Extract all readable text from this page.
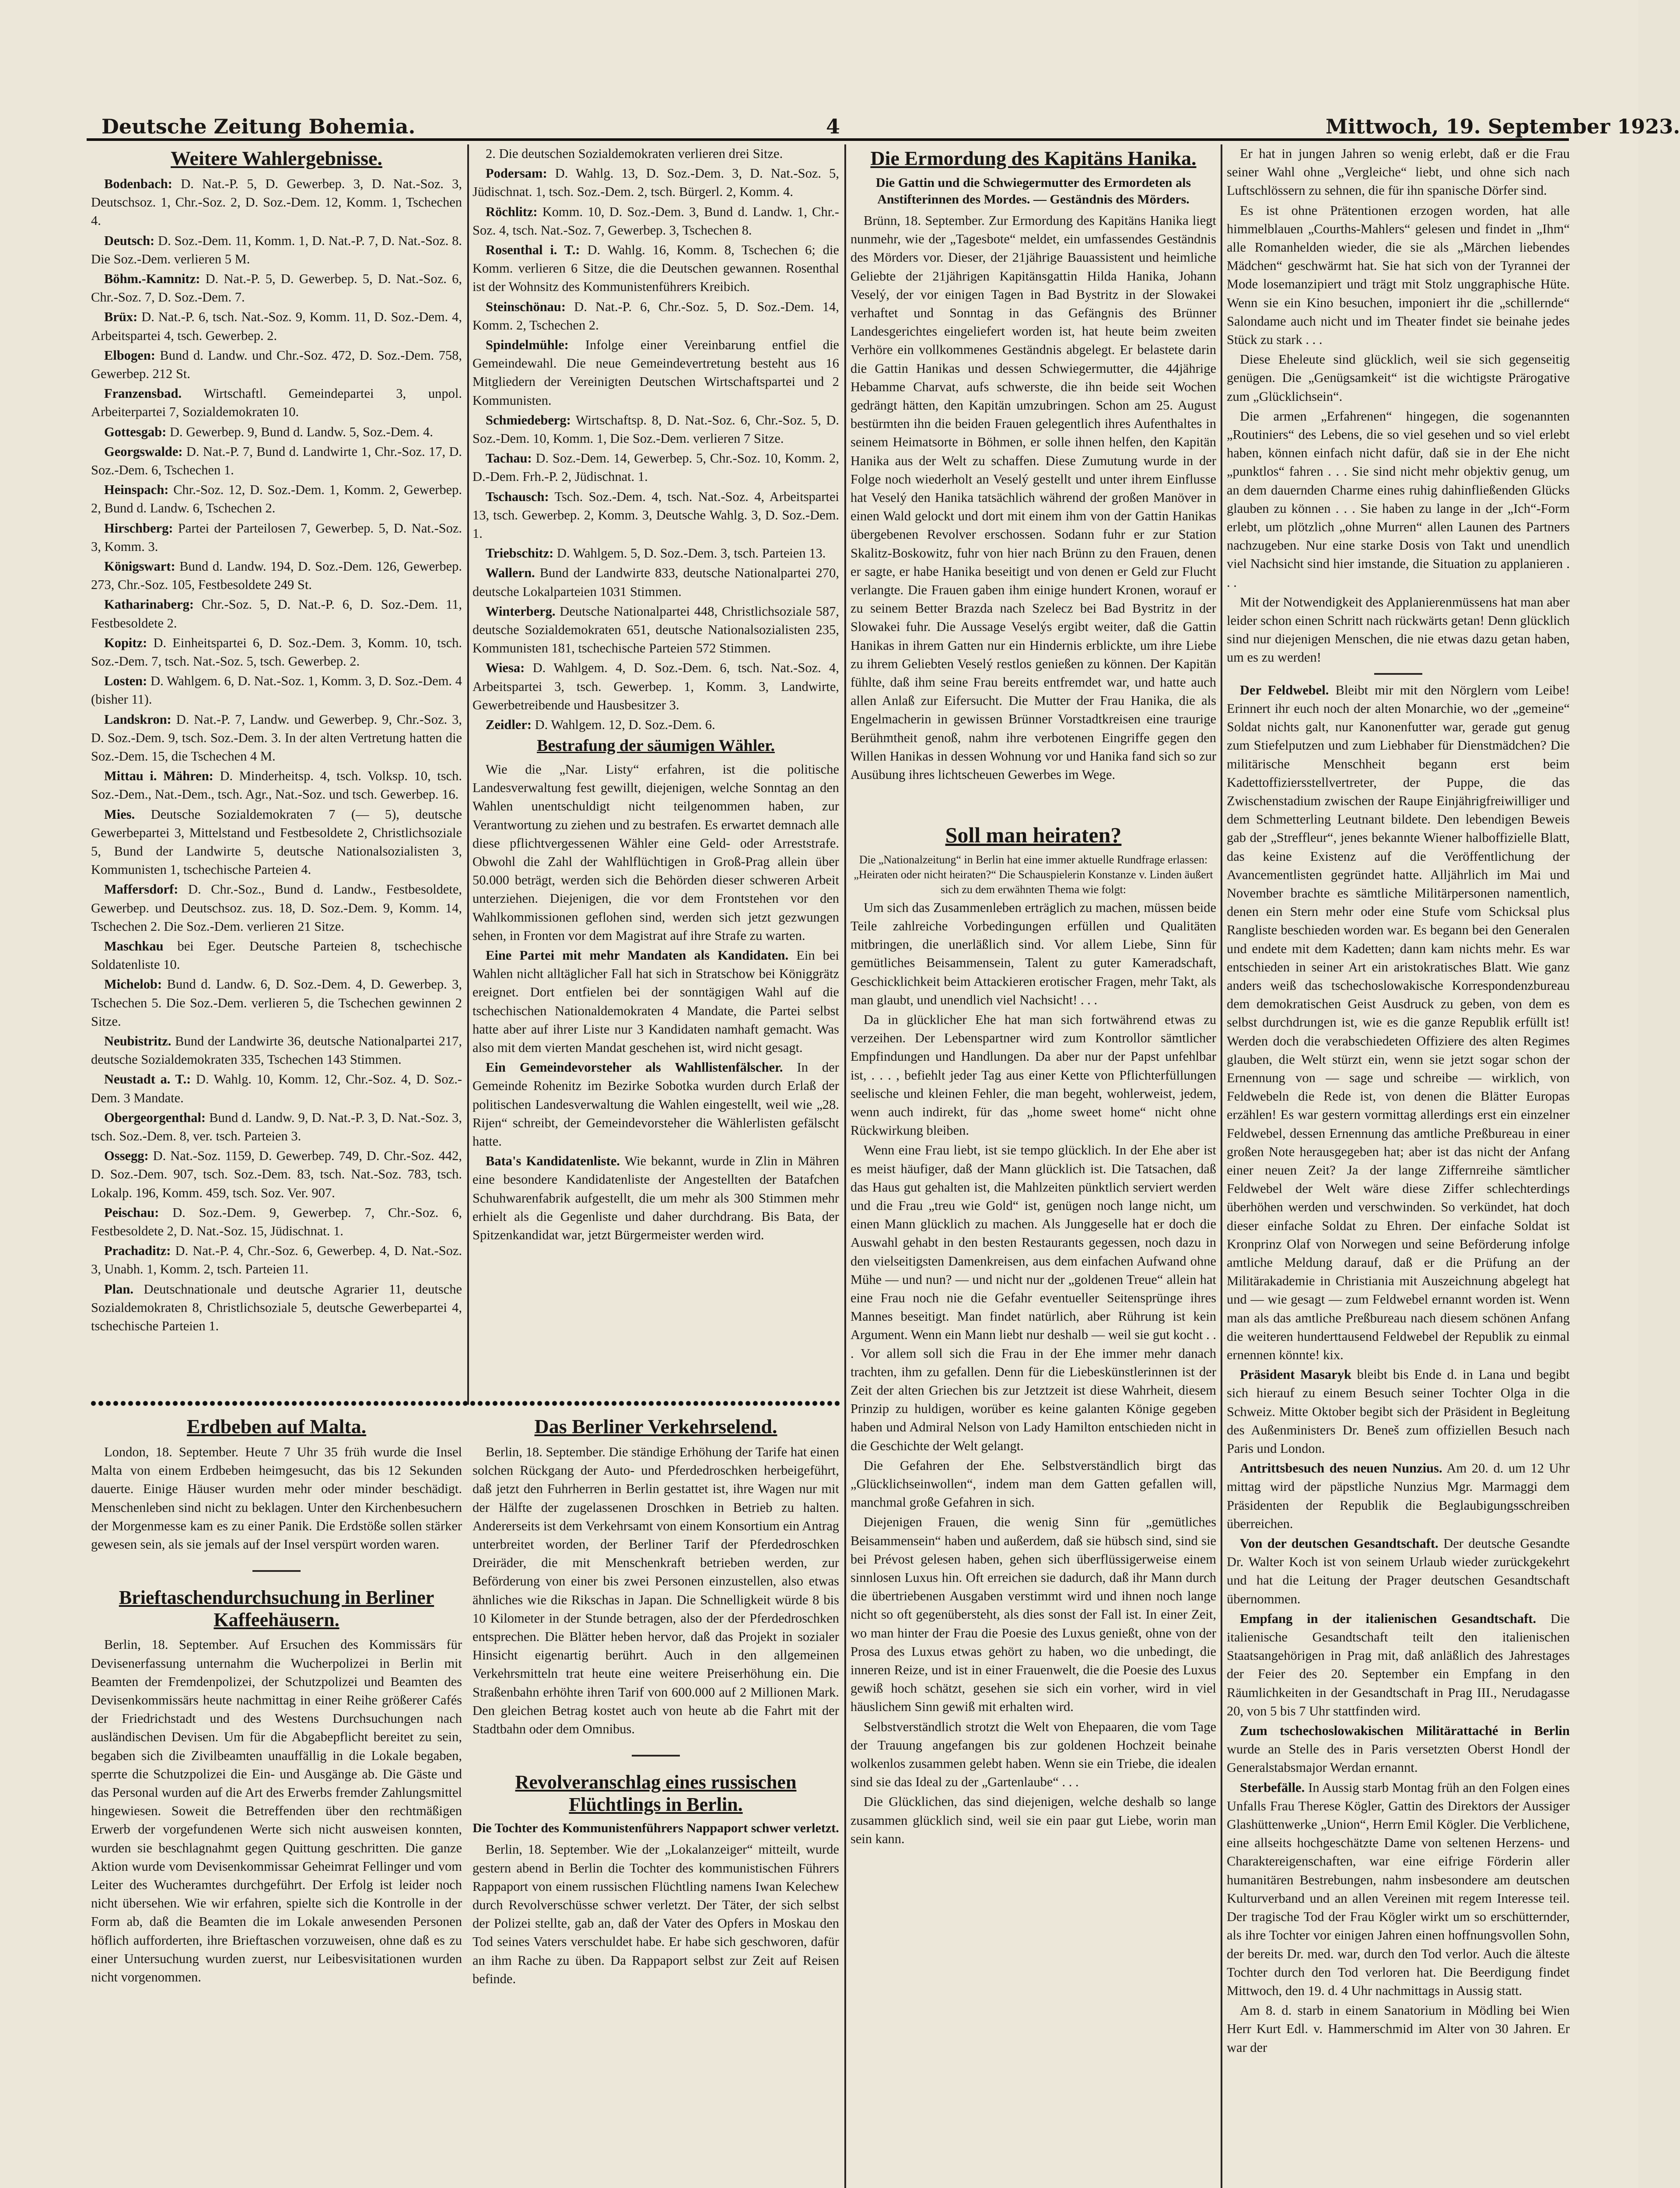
Deutsche Zeitung Bohemia.	4	Mittwoch, 19. September 1923.
Weitere Wahlergebnisse.

Bodenbach: D. Nat.-P. 5, D. Gewerbep. 3, D. Nat.-Soz. 3, Deutschsoz. 1, Chr.-Soz. 2, D. Soz.-Dem. 12, Komm. 1, Tschechen 4.

Deutsch: D. Soz.-Dem. 11, Komm. 1, D. Nat.-P. 7, D. Nat.-Soz. 8. Die Soz.-Dem. verlieren 5 M.

Böhm.-Kamnitz: D. Nat.-P. 5, D. Gewerbep. 5, D. Nat.-Soz. 6, Chr.-Soz. 7, D. Soz.-Dem. 7.

Brüx: D. Nat.-P. 6, tsch. Nat.-Soz. 9, Komm. 11, D. Soz.-Dem. 4, Arbeitspartei 4, tsch. Gewerbep. 2.

Elbogen: Bund d. Landw. und Chr.-Soz. 472, D. Soz.-Dem. 758, Gewerbep. 212 St.

Franzensbad. Wirtschaftl. Gemeindepartei 3, unpol. Arbeiterpartei 7, Sozialdemokraten 10.

Gottesgab: D. Gewerbep. 9, Bund d. Landw. 5, Soz.-Dem. 4.

Georgswalde: D. Nat.-P. 7, Bund d. Landwirte 1, Chr.-Soz. 17, D. Soz.-Dem. 6, Tschechen 1.

Heinspach: Chr.-Soz. 12, D. Soz.-Dem. 1, Komm. 2, Gewerbep. 2, Bund d. Landw. 6, Tschechen 2.

Hirschberg: Partei der Parteilosen 7, Gewerbep. 5, D. Nat.-Soz. 3, Komm. 3.

Königswart: Bund d. Landw. 194, D. Soz.-Dem. 126, Gewerbep. 273, Chr.-Soz. 105, Festbesoldete 249 St.

Katharinaberg: Chr.-Soz. 5, D. Nat.-P. 6, D. Soz.-Dem. 11, Festbesoldete 2.

Kopitz: D. Einheitspartei 6, D. Soz.-Dem. 3, Komm. 10, tsch. Soz.-Dem. 7, tsch. Nat.-Soz. 5, tsch. Gewerbep. 2.

Losten: D. Wahlgem. 6, D. Nat.-Soz. 1, Komm. 3, D. Soz.-Dem. 4 (bisher 11).

Landskron: D. Nat.-P. 7, Landw. und Gewerbep. 9, Chr.-Soz. 3, D. Soz.-Dem. 9, tsch. Soz.-Dem. 3. In der alten Vertretung hatten die Soz.-Dem. 15, die Tschechen 4 M.

Mittau i. Mähren: D. Minderheitsp. 4, tsch. Volksp. 10, tsch. Soz.-Dem., Nat.-Dem., tsch. Agr., Nat.-Soz. und tsch. Gewerbep. 16.

Mies. Deutsche Sozialdemokraten 7 (— 5), deutsche Gewerbepartei 3, Mittelstand und Festbesoldete 2, Christlichsoziale 5, Bund der Landwirte 5, deutsche Nationalsozialisten 3, Kommunisten 1, tschechische Parteien 4.

Maffersdorf: D. Chr.-Soz., Bund d. Landw., Festbesoldete, Gewerbep. und Deutschsoz. zus. 18, D. Soz.-Dem. 9, Komm. 14, Tschechen 2. Die Soz.-Dem. verlieren 21 Sitze.

Maschkau bei Eger. Deutsche Parteien 8, tschechische Soldatenliste 10.

Michelob: Bund d. Landw. 6, D. Soz.-Dem. 4, D. Gewerbep. 3, Tschechen 5. Die Soz.-Dem. verlieren 5, die Tschechen gewinnen 2 Sitze.

Neubistritz. Bund der Landwirte 36, deutsche Nationalpartei 217, deutsche Sozialdemokraten 335, Tschechen 143 Stimmen.

Neustadt a. T.: D. Wahlg. 10, Komm. 12, Chr.-Soz. 4, D. Soz.-Dem. 3 Mandate.

Obergeorgenthal: Bund d. Landw. 9, D. Nat.-P. 3, D. Nat.-Soz. 3, tsch. Soz.-Dem. 8, ver. tsch. Parteien 3.

Ossegg: D. Nat.-Soz. 1159, D. Gewerbep. 749, D. Chr.-Soz. 442, D. Soz.-Dem. 907, tsch. Soz.-Dem. 83, tsch. Nat.-Soz. 783, tsch. Lokalp. 196, Komm. 459, tsch. Soz. Ver. 907.

Peischau: D. Soz.-Dem. 9, Gewerbep. 7, Chr.-Soz. 6, Festbesoldete 2, D. Nat.-Soz. 15, Jüdischnat. 1.

Prachaditz: D. Nat.-P. 4, Chr.-Soz. 6, Gewerbep. 4, D. Nat.-Soz. 3, Unabh. 1, Komm. 2, tsch. Parteien 11.

Plan. Deutschnationale und deutsche Agrarier 11, deutsche Sozialdemokraten 8, Christlichsoziale 5, deutsche Gewerbepartei 4, tschechische Parteien 1.

2. Die deutschen Sozialdemokraten verlieren drei Sitze.

Podersam: D. Wahlg. 13, D. Soz.-Dem. 3, D. Nat.-Soz. 5, Jüdischnat. 1, tsch. Soz.-Dem. 2, tsch. Bürgerl. 2, Komm. 4.

Röchlitz: Komm. 10, D. Soz.-Dem. 3, Bund d. Landw. 1, Chr.-Soz. 4, tsch. Nat.-Soz. 7, Gewerbep. 3, Tschechen 8.

Rosenthal i. T.: D. Wahlg. 16, Komm. 8, Tschechen 6; die Komm. verlieren 6 Sitze, die die Deutschen gewannen. Rosenthal ist der Wohnsitz des Kommunistenführers Kreibich.

Steinschönau: D. Nat.-P. 6, Chr.-Soz. 5, D. Soz.-Dem. 14, Komm. 2, Tschechen 2.

Spindelmühle: Infolge einer Vereinbarung entfiel die Gemeindewahl. Die neue Gemeindevertretung besteht aus 16 Mitgliedern der Vereinigten Deutschen Wirtschaftspartei und 2 Kommunisten.

Schmiedeberg: Wirtschaftsp. 8, D. Nat.-Soz. 6, Chr.-Soz. 5, D. Soz.-Dem. 10, Komm. 1, Die Soz.-Dem. verlieren 7 Sitze.

Tachau: D. Soz.-Dem. 14, Gewerbep. 5, Chr.-Soz. 10, Komm. 2, D.-Dem. Frh.-P. 2, Jüdischnat. 1.

Tschausch: Tsch. Soz.-Dem. 4, tsch. Nat.-Soz. 4, Arbeitspartei 13, tsch. Gewerbep. 2, Komm. 3, Deutsche Wahlg. 3, D. Soz.-Dem. 1.

Triebschitz: D. Wahlgem. 5, D. Soz.-Dem. 3, tsch. Parteien 13.

Wallern. Bund der Landwirte 833, deutsche Nationalpartei 270, deutsche Lokalparteien 1031 Stimmen.

Winterberg. Deutsche Nationalpartei 448, Christlichsoziale 587, deutsche Sozialdemokraten 651, deutsche Nationalsozialisten 235, Kommunisten 181, tschechische Parteien 572 Stimmen.

Wiesa: D. Wahlgem. 4, D. Soz.-Dem. 6, tsch. Nat.-Soz. 4, Arbeitspartei 3, tsch. Gewerbep. 1, Komm. 3, Landwirte, Gewerbetreibende und Hausbesitzer 3.

Zeidler: D. Wahlgem. 12, D. Soz.-Dem. 6.

Bestrafung der säumigen Wähler.

Wie die „Nar. Listy“ erfahren, ist die politische Landesverwaltung fest gewillt, diejenigen, welche Sonntag an den Wahlen unentschuldigt nicht teilgenommen haben, zur Verantwortung zu ziehen und zu bestrafen. Es erwartet demnach alle diese pflichtvergessenen Wähler eine Geld- oder Arreststrafe. Obwohl die Zahl der Wahlflüchtigen in Groß-Prag allein über 50.000 beträgt, werden sich die Behörden dieser schweren Arbeit unterziehen. Diejenigen, die vor dem Frontstehen vor den Wahlkommissionen geflohen sind, werden sich jetzt gezwungen sehen, in Fronten vor dem Magistrat auf ihre Strafe zu warten.

Eine Partei mit mehr Mandaten als Kandidaten. Ein bei Wahlen nicht alltäglicher Fall hat sich in Stratschow bei Königgrätz ereignet. Dort entfielen bei der sonntägigen Wahl auf die tschechischen Nationaldemokraten 4 Mandate, die Partei selbst hatte aber auf ihrer Liste nur 3 Kandidaten namhaft gemacht. Was also mit dem vierten Mandat geschehen ist, wird nicht gesagt.

Ein Gemeindevorsteher als Wahllistenfälscher. In der Gemeinde Rohenitz im Bezirke Sobotka wurden durch Erlaß der politischen Landesverwaltung die Wahlen eingestellt, weil wie „28. Rijen“ schreibt, der Gemeindevorsteher die Wählerlisten gefälscht hatte.

Bata's Kandidatenliste. Wie bekannt, wurde in Zlin in Mähren eine besondere Kandidatenliste der Angestellten der Batafchen Schuhwarenfabrik aufgestellt, die um mehr als 300 Stimmen mehr erhielt als die Gegenliste und daher durchdrang. Bis Bata, der Spitzenkandidat war, jetzt Bürgermeister werden wird.

Die Ermordung des Kapitäns Hanika.
Die Gattin und die Schwiegermutter des Ermordeten als Anstifterinnen des Mordes. — Geständnis des Mörders.

Brünn, 18. September. Zur Ermordung des Kapitäns Hanika liegt nunmehr, wie der „Tagesbote“ meldet, ein umfassendes Geständnis des Mörders vor. Dieser, der 21jährige Bauassistent und heimliche Geliebte der 21jährigen Kapitänsgattin Hilda Hanika, Johann Veselý, der vor einigen Tagen in Bad Bystritz in der Slowakei verhaftet und Sonntag in das Gefängnis des Brünner Landesgerichtes eingeliefert worden ist, hat heute beim zweiten Verhöre ein vollkommenes Geständnis abgelegt. Er belastete darin die Gattin Hanikas und dessen Schwiegermutter, die 44jährige Hebamme Charvat, aufs schwerste, die ihn beide seit Wochen gedrängt hätten, den Kapitän umzubringen. Schon am 25. August bestürmten ihn die beiden Frauen gelegentlich ihres Aufenthaltes in seinem Heimatsorte in Böhmen, er solle ihnen helfen, den Kapitän Hanika aus der Welt zu schaffen. Diese Zumutung wurde in der Folge noch wiederholt an Veselý gestellt und unter ihrem Einflusse hat Veselý den Hanika tatsächlich während der großen Manöver in einen Wald gelockt und dort mit einem ihm von der Gattin Hanikas übergebenen Revolver erschossen. Sodann fuhr er zur Station Skalitz-Boskowitz, fuhr von hier nach Brünn zu den Frauen, denen er sagte, er habe Hanika beseitigt und von denen er Geld zur Flucht verlangte. Die Frauen gaben ihm einige hundert Kronen, worauf er zu seinem Better Brazda nach Szelecz bei Bad Bystritz in der Slowakei fuhr. Die Aussage Veselýs ergibt weiter, daß die Gattin Hanikas in ihrem Gatten nur ein Hindernis erblickte, um ihre Liebe zu ihrem Geliebten Veselý restlos genießen zu können. Der Kapitän fühlte, daß ihm seine Frau bereits entfremdet war, und hatte auch allen Anlaß zur Eifersucht. Die Mutter der Frau Hanika, die als Engelmacherin in gewissen Brünner Vorstadtkreisen eine traurige Berühmtheit genoß, nahm ihre verbotenen Eingriffe gegen den Willen Hanikas in dessen Wohnung vor und Hanika fand sich so zur Ausübung ihres lichtscheuen Gewerbes im Wege.

Soll man heiraten?

Die „Nationalzeitung“ in Berlin hat eine immer aktuelle Rundfrage erlassen: „Heiraten oder nicht heiraten?“ Die Schauspielerin Konstanze v. Linden äußert sich zu dem erwähnten Thema wie folgt:

Um sich das Zusammenleben erträglich zu machen, müssen beide Teile zahlreiche Vorbedingungen erfüllen und Qualitäten mitbringen, die unerläßlich sind. Vor allem Liebe, Sinn für gemütliches Beisammensein, Talent zu guter Kameradschaft, Geschicklichkeit beim Attackieren erotischer Fragen, mehr Takt, als man glaubt, und unendlich viel Nachsicht! . . .

Da in glücklicher Ehe hat man sich fortwährend etwas zu verzeihen. Der Lebenspartner wird zum Kontrollor sämtlicher Empfindungen und Handlungen. Da aber nur der Papst unfehlbar ist, . . . , befiehlt jeder Tag aus einer Kette von Pflichterfüllungen seelische und kleinen Fehler, die man begeht, wohlerweist, jedem, wenn auch indirekt, für das „home sweet home“ nicht ohne Rückwirkung bleiben.

Wenn eine Frau liebt, ist sie tempo glücklich. In der Ehe aber ist es meist häufiger, daß der Mann glücklich ist. Die Tatsachen, daß das Haus gut gehalten ist, die Mahlzeiten pünktlich serviert werden und die Frau „treu wie Gold“ ist, genügen noch lange nicht, um einen Mann glücklich zu machen. Als Junggeselle hat er doch die Auswahl gehabt in den besten Restaurants gegessen, noch dazu in den vielseitigsten Damenkreisen, aus dem einfachen Aufwand ohne Mühe — und nun? — und nicht nur der „goldenen Treue“ allein hat eine Frau noch nie die Gefahr eventueller Seitensprünge ihres Mannes beseitigt. Man findet natürlich, aber Rührung ist kein Argument. Wenn ein Mann liebt nur deshalb — weil sie gut kocht . . . Vor allem soll sich die Frau in der Ehe immer mehr danach trachten, ihm zu gefallen. Denn für die Liebeskünstlerinnen ist der Zeit der alten Griechen bis zur Jetztzeit ist diese Wahrheit, diesem Prinzip zu huldigen, worüber es keine galanten Könige gegeben haben und Admiral Nelson von Lady Hamilton entschieden nicht in die Geschichte der Welt gelangt.

Die Gefahren der Ehe. Selbstverständlich birgt das „Glücklichseinwollen“, indem man dem Gatten gefallen will, manchmal große Gefahren in sich.

Diejenigen Frauen, die wenig Sinn für „gemütliches Beisammensein“ haben und außerdem, daß sie hübsch sind, sind sie bei Prévost gelesen haben, gehen sich überflüssigerweise einem sinnlosen Luxus hin. Oft erreichen sie dadurch, daß ihr Mann durch die übertriebenen Ausgaben verstimmt wird und ihnen noch lange nicht so oft gegenübersteht, als dies sonst der Fall ist. In einer Zeit, wo man hinter der Frau die Poesie des Luxus genießt, ohne von der Prosa des Luxus etwas gehört zu haben, wo die unbedingt, die inneren Reize, und ist in einer Frauenwelt, die die Poesie des Luxus gewiß hoch schätzt, gesehen sie sich ein vorher, wird in viel häuslichem Sinn gewiß mit erhalten wird.

Selbstverständlich strotzt die Welt von Ehepaaren, die vom Tage der Trauung angefangen bis zur goldenen Hochzeit beinahe wolkenlos zusammen gelebt haben. Wenn sie ein Triebe, die idealen sind sie das Ideal zu der „Gartenlaube“ . . .

Die Glücklichen, das sind diejenigen, welche deshalb so lange zusammen glücklich sind, weil sie ein paar gut Liebe, worin man sein kann.

Er hat in jungen Jahren so wenig erlebt, daß er die Frau seiner Wahl ohne „Vergleiche“ liebt, und ohne sich nach Luftschlössern zu sehnen, die für ihn spanische Dörfer sind.

Es ist ohne Prätentionen erzogen worden, hat alle himmelblauen „Courths-Mahlers“ gelesen und findet in „Ihm“ alle Romanhelden wieder, die sie als „Märchen liebendes Mädchen“ geschwärmt hat. Sie hat sich von der Tyrannei der Mode losemanzipiert und trägt mit Stolz unggraphische Hüte. Wenn sie ein Kino besuchen, imponiert ihr die „schillernde“ Salondame auch nicht und im Theater findet sie beinahe jedes Stück zu stark . . .

Diese Eheleute sind glücklich, weil sie sich gegenseitig genügen. Die „Genügsamkeit“ ist die wichtigste Prärogative zum „Glücklichsein“.

Die armen „Erfahrenen“ hingegen, die sogenannten „Routiniers“ des Lebens, die so viel gesehen und so viel erlebt haben, können einfach nicht dafür, daß sie in der Ehe nicht „punktlos“ fahren . . . Sie sind nicht mehr objektiv genug, um an dem dauernden Charme eines ruhig dahinfließenden Glücks glauben zu können . . . Sie haben zu lange in der „Ich“-Form erlebt, um plötzlich „ohne Murren“ allen Launen des Partners nachzugeben. Nur eine starke Dosis von Takt und unendlich viel Nachsicht sind hier imstande, die Situation zu applanieren . . .

Mit der Notwendigkeit des Applanierenmüssens hat man aber leider schon einen Schritt nach rückwärts getan! Denn glücklich sind nur diejenigen Menschen, die nie etwas dazu getan haben, um es zu werden!

Der Feldwebel. Bleibt mir mit den Nörglern vom Leibe! Erinnert ihr euch noch der alten Monarchie, wo der „gemeine“ Soldat nichts galt, nur Kanonenfutter war, gerade gut genug zum Stiefelputzen und zum Liebhaber für Dienstmädchen? Die militärische Menschheit begann erst beim Kadettoffiziersstellvertreter, der Puppe, die das Zwischenstadium zwischen der Raupe Einjährigfreiwilliger und dem Schmetterling Leutnant bildete. Den lebendigen Beweis gab der „Streffleur“, jenes bekannte Wiener halboffizielle Blatt, das keine Existenz auf die Veröffentlichung der Avancementlisten gegründet hatte. Alljährlich im Mai und November brachte es sämtliche Militärpersonen namentlich, denen ein Stern mehr oder eine Stufe vom Schicksal plus Rangliste beschieden worden war. Es begann bei den Generalen und endete mit dem Kadetten; dann kam nichts mehr. Es war entschieden in seiner Art ein aristokratisches Blatt. Wie ganz anders weiß das tschechoslowakische Korrespondenzbureau dem demokratischen Geist Ausdruck zu geben, von dem es selbst durchdrungen ist, wie es die ganze Republik erfüllt ist! Werden doch die verabschiedeten Offiziere des alten Regimes glauben, die Welt stürzt ein, wenn sie jetzt sogar schon der Ernennung von — sage und schreibe — wirklich, von Feldwebeln die Rede ist, von denen die Blätter Europas erzählen! Es war gestern vormittag allerdings erst ein einzelner Feldwebel, dessen Ernennung das amtliche Preßbureau in einer großen Note herausgegeben hat; aber ist das nicht der Anfang einer neuen Zeit? Ja der lange Ziffernreihe sämtlicher Feldwebel der Welt wäre diese Ziffer schlechterdings überhöhen werden und verschwinden. So verkündet, hat doch dieser einfache Soldat zu Ehren. Der einfache Soldat ist Kronprinz Olaf von Norwegen und seine Beförderung infolge amtliche Meldung darauf, daß er die Prüfung an der Militärakademie in Christiania mit Auszeichnung abgelegt hat und — wie gesagt — zum Feldwebel ernannt worden ist. Wenn man als das amtliche Preßbureau nach diesem schönen Anfang die weiteren hunderttausend Feldwebel der Republik zu einmal ernennen könnte! kix.

Präsident Masaryk bleibt bis Ende d. in Lana und begibt sich hierauf zu einem Besuch seiner Tochter Olga in die Schweiz. Mitte Oktober begibt sich der Präsident in Begleitung des Außenministers Dr. Beneš zum offiziellen Besuch nach Paris und London.

Antrittsbesuch des neuen Nunzius. Am 20. d. um 12 Uhr mittag wird der päpstliche Nunzius Mgr. Marmaggi dem Präsidenten der Republik die Beglaubigungsschreiben überreichen.

Von der deutschen Gesandtschaft. Der deutsche Gesandte Dr. Walter Koch ist von seinem Urlaub wieder zurückgekehrt und hat die Leitung der Prager deutschen Gesandtschaft übernommen.

Empfang in der italienischen Gesandtschaft. Die italienische Gesandtschaft teilt den italienischen Staatsangehörigen in Prag mit, daß anläßlich des Jahrestages der Feier des 20. September ein Empfang in den Räumlichkeiten in der Gesandtschaft in Prag III., Nerudagasse 20, von 5 bis 7 Uhr stattfinden wird.

Zum tschechoslowakischen Militärattaché in Berlin wurde an Stelle des in Paris versetzten Oberst Hondl der Generalstabsmajor Werdan ernannt.

Sterbefälle. In Aussig starb Montag früh an den Folgen eines Unfalls Frau Therese Kögler, Gattin des Direktors der Aussiger Glashüttenwerke „Union“, Herrn Emil Kögler. Die Verblichene, eine allseits hochgeschätzte Dame von seltenen Herzens- und Charaktereigenschaften, war eine eifrige Förderin aller humanitären Bestrebungen, nahm insbesondere am deutschen Kulturverband und an allen Vereinen mit regem Interesse teil. Der tragische Tod der Frau Kögler wirkt um so erschütternder, als ihre Tochter vor einigen Jahren einen hoffnungsvollen Sohn, der bereits Dr. med. war, durch den Tod verlor. Auch die älteste Tochter durch den Tod verloren hat. Die Beerdigung findet Mittwoch, den 19. d. 4 Uhr nachmittags in Aussig statt.

Am 8. d. starb in einem Sanatorium in Mödling bei Wien Herr Kurt Edl. v. Hammerschmid im Alter von 30 Jahren. Er war der

Erdbeben auf Malta.

London, 18. September. Heute 7 Uhr 35 früh wurde die Insel Malta von einem Erdbeben heimgesucht, das bis 12 Sekunden dauerte. Einige Häuser wurden mehr oder minder beschädigt. Menschenleben sind nicht zu beklagen. Unter den Kirchenbesuchern der Morgenmesse kam es zu einer Panik. Die Erdstöße sollen stärker gewesen sein, als sie jemals auf der Insel verspürt worden waren.

Brieftaschendurchsuchung in Berliner Kaffeehäusern.

Berlin, 18. September. Auf Ersuchen des Kommissärs für Devisenerfassung unternahm die Wucherpolizei in Berlin mit Beamten der Fremdenpolizei, der Schutzpolizei und Beamten des Devisenkommissärs heute nachmittag in einer Reihe größerer Cafés der Friedrichstadt und des Westens Durchsuchungen nach ausländischen Devisen. Um für die Abgabepflicht bereitet zu sein, begaben sich die Zivilbeamten unauffällig in die Lokale begaben, sperrte die Schutzpolizei die Ein- und Ausgänge ab. Die Gäste und das Personal wurden auf die Art des Erwerbs fremder Zahlungsmittel hingewiesen. Soweit die Betreffenden über den rechtmäßigen Erwerb der vorgefundenen Werte sich nicht ausweisen konnten, wurden sie beschlagnahmt gegen Quittung geschritten. Die ganze Aktion wurde vom Devisenkommissar Geheimrat Fellinger und vom Leiter des Wucheramtes durchgeführt. Der Erfolg ist leider noch nicht übersehen. Wie wir erfahren, spielte sich die Kontrolle in der Form ab, daß die Beamten die im Lokale anwesenden Personen höflich aufforderten, ihre Brieftaschen vorzuweisen, ohne daß es zu einer Untersuchung wurden zuerst, nur Leibesvisitationen wurden nicht vorgenommen.

Das Berliner Verkehrselend.

Berlin, 18. September. Die ständige Erhöhung der Tarife hat einen solchen Rückgang der Auto- und Pferdedroschken herbeigeführt, daß jetzt den Fuhrherren in Berlin gestattet ist, ihre Wagen nur mit der Hälfte der zugelassenen Droschken in Betrieb zu halten. Andererseits ist dem Verkehrsamt von einem Konsortium ein Antrag unterbreitet worden, der Berliner Tarif der Pferdedroschken Dreiräder, die mit Menschenkraft betrieben werden, zur Beförderung von einer bis zwei Personen einzustellen, also etwas ähnliches wie die Rikschas in Japan. Die Schnelligkeit würde 8 bis 10 Kilometer in der Stunde betragen, also der der Pferdedroschken entsprechen. Die Blätter heben hervor, daß das Projekt in sozialer Hinsicht eigenartig berührt. Auch in den allgemeinen Verkehrsmitteln trat heute eine weitere Preiserhöhung ein. Die Straßenbahn erhöhte ihren Tarif von 600.000 auf 2 Millionen Mark. Den gleichen Betrag kostet auch von heute ab die Fahrt mit der Stadtbahn oder dem Omnibus.

Revolveranschlag eines russischen Flüchtlings in Berlin.
Die Tochter des Kommunistenführers Nappaport schwer verletzt.

Berlin, 18. September. Wie der „Lokalanzeiger“ mitteilt, wurde gestern abend in Berlin die Tochter des kommunistischen Führers Rappaport von einem russischen Flüchtling namens Iwan Kelechew durch Revolverschüsse schwer verletzt. Der Täter, der sich selbst der Polizei stellte, gab an, daß der Vater des Opfers in Moskau den Tod seines Vaters verschuldet habe. Er habe sich geschworen, dafür an ihm Rache zu üben. Da Rappaport selbst zur Zeit auf Reisen befinde.
